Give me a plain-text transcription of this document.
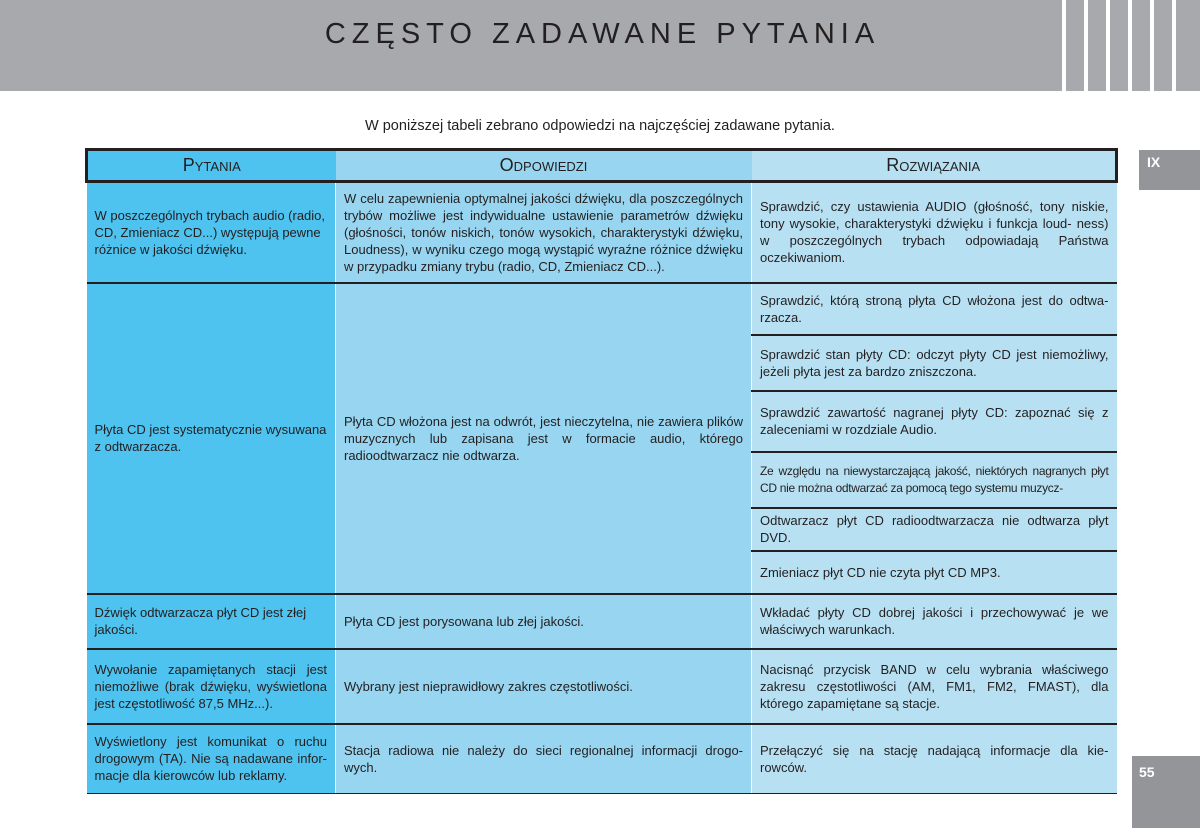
CZĘSTO ZADAWANE PYTANIA
W poniższej tabeli zebrano odpowiedzi na najczęściej zadawane pytania.
IX
Pytania	Odpowiedzi	Rozwiązania
W poszczególnych trybach audio (radio, CD, Zmieniacz CD...) występują pewne różnice w jakości dźwięku.	W celu zapewnienia optymalnej jakości dźwięku, dla poszczególnych trybów możliwe jest indywidualne ustawienie parametrów dźwięku (głośności, tonów niskich, tonów wysokich, charakterystyki dźwięku, Loudness), w wyniku czego mogą wystąpić wyraźne różnice dźwięku w przypadku zmiany trybu (radio, CD, Zmieniacz CD...).	Sprawdzić, czy ustawienia AUDIO (głośność, tony niskie, tony wysokie, charakterystyki dźwięku i funkcja loud- ness) w poszczególnych trybach odpowiadają Państwa oczekiwaniom.
Płyta CD jest systematycznie wysuwana z odtwarzacza.	Płyta CD włożona jest na odwrót, jest nieczytelna, nie zawiera plików muzycznych lub zapisana jest w formacie audio, którego radioodtwarzacz nie odtwarza.	Sprawdzić, którą stroną płyta CD włożona jest do odtwa- rzacza.
		Sprawdzić stan płyty CD: odczyt płyty CD jest niemożliwy, jeżeli płyta jest za bardzo zniszczona.
		Sprawdzić zawartość nagranej płyty CD: zapoznać się z zaleceniami w rozdziale Audio.
		Ze względu na niewystarczającą jakość, niektórych nagranych płyt CD nie można odtwarzać za pomocą tego systemu muzycz-
		Odtwarzacz płyt CD radioodtwarzacza nie odtwarza płyt DVD.
		Zmieniacz płyt CD nie czyta płyt CD MP3.
Dźwięk odtwarzacza płyt CD jest złej jakości.	Płyta CD jest porysowana lub złej jakości.	Wkładać płyty CD dobrej jakości i przechowywać je we właściwych warunkach.
Wywołanie zapamiętanych stacji jest niemożliwe (brak dźwięku, wyświetlona jest częstotliwość 87,5 MHz...).	Wybrany jest nieprawidłowy zakres częstotliwości.	Nacisnąć przycisk BAND w celu wybrania właściwego zakresu częstotliwości (AM, FM1, FM2, FMAST), dla którego zapamiętane są stacje.
Wyświetlony jest komunikat o ruchu drogowym (TA). Nie są nadawane infor- macje dla kierowców lub reklamy.	Stacja radiowa nie należy do sieci regionalnej informacji drogo- wych.	Przełączyć się na stację nadającą informacje dla kie- rowców.	55
